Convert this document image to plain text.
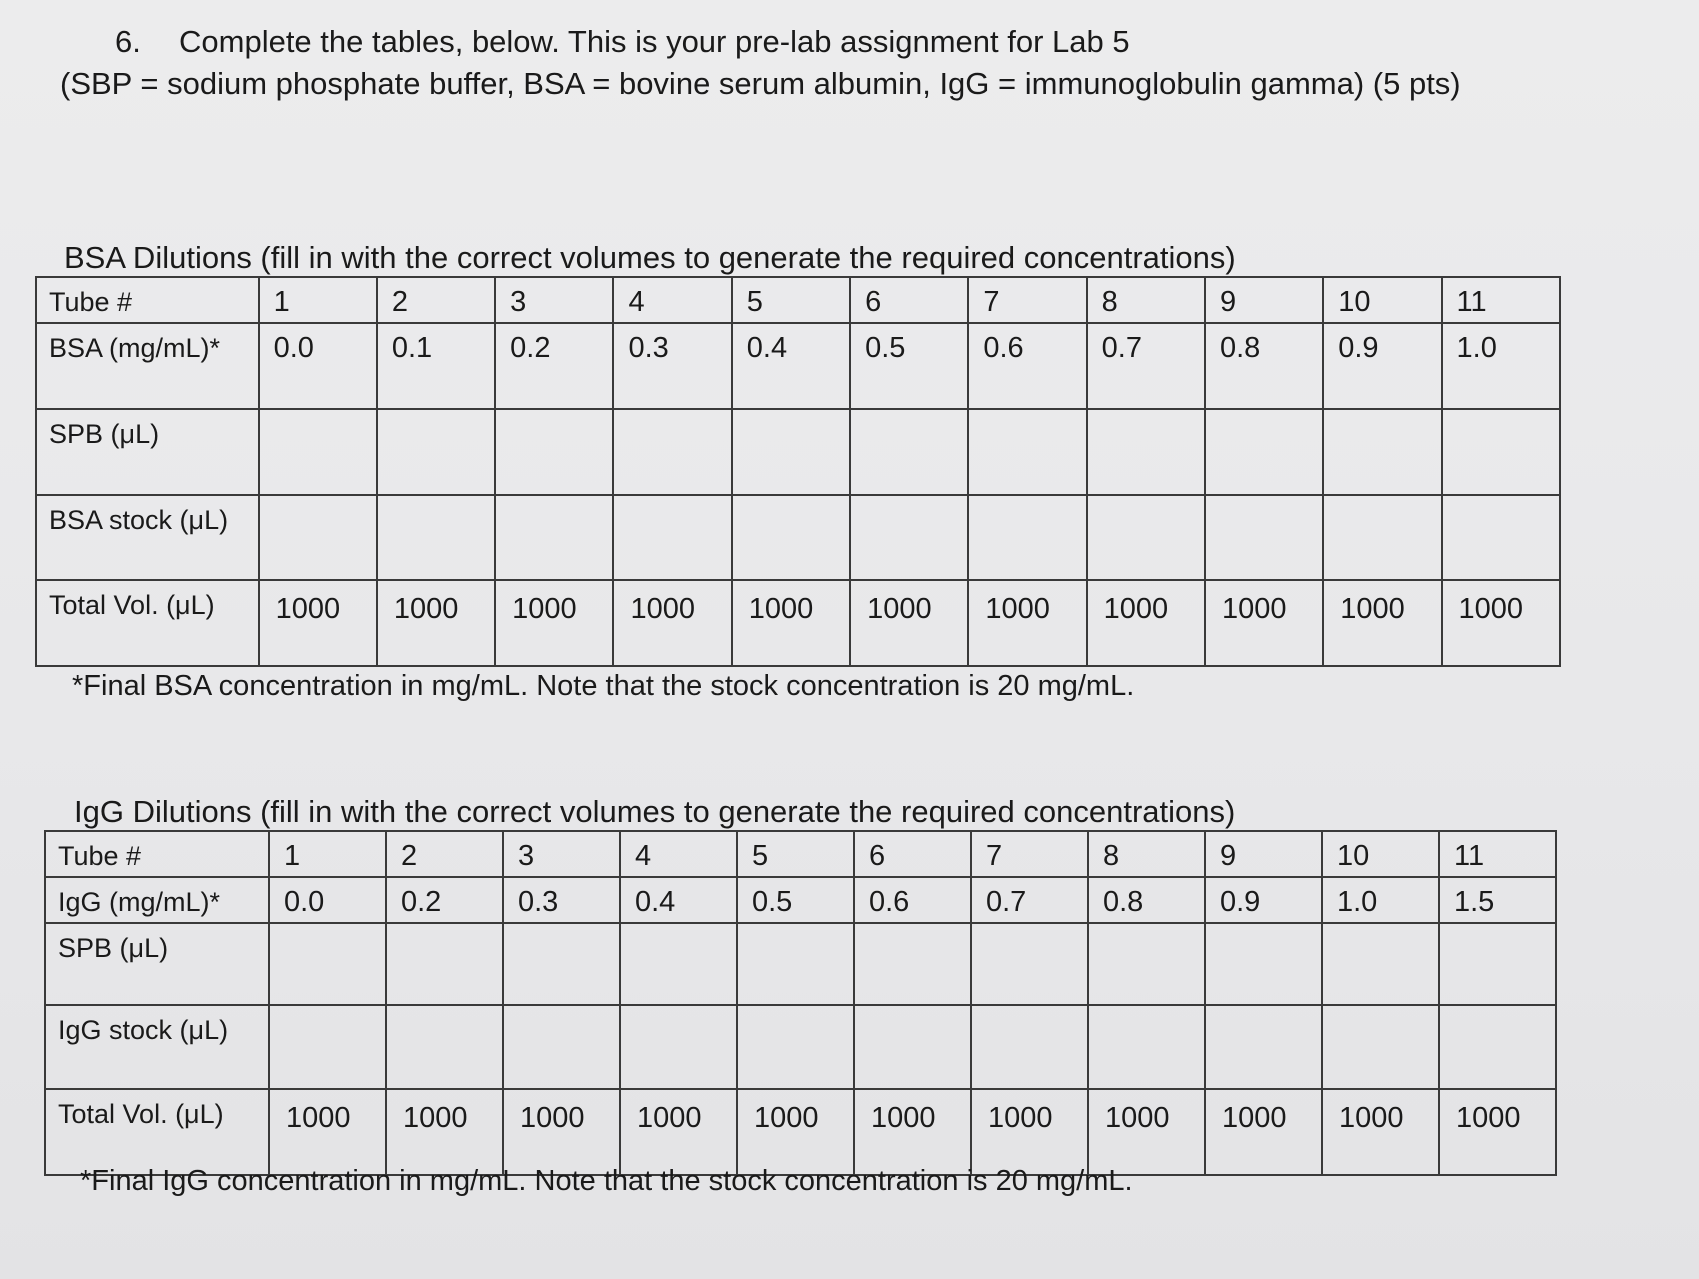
6. Complete the tables, below. This is your pre-lab assignment for Lab 5
(SBP = sodium phosphate buffer, BSA = bovine serum albumin, IgG = immunoglobulin gamma) (5 pts)
BSA Dilutions (fill in with the correct volumes to generate the required concentrations)
Tube #	1	2	3	4	5	6	7	8	9	10	11
BSA (mg/mL)*	0.0	0.1	0.2	0.3	0.4	0.5	0.6	0.7	0.8	0.9	1.0
SPB (μL)											
BSA stock (μL)											
Total Vol. (μL)	1000	1000	1000	1000	1000	1000	1000	1000	1000	1000	1000
*Final BSA concentration in mg/mL. Note that the stock concentration is 20 mg/mL.
IgG Dilutions (fill in with the correct volumes to generate the required concentrations)
Tube #	1	2	3	4	5	6	7	8	9	10	11
IgG (mg/mL)*	0.0	0.2	0.3	0.4	0.5	0.6	0.7	0.8	0.9	1.0	1.5
SPB (μL)											
IgG stock (μL)											
Total Vol. (μL)	1000	1000	1000	1000	1000	1000	1000	1000	1000	1000	1000
*Final IgG concentration in mg/mL. Note that the stock concentration is 20 mg/mL.
